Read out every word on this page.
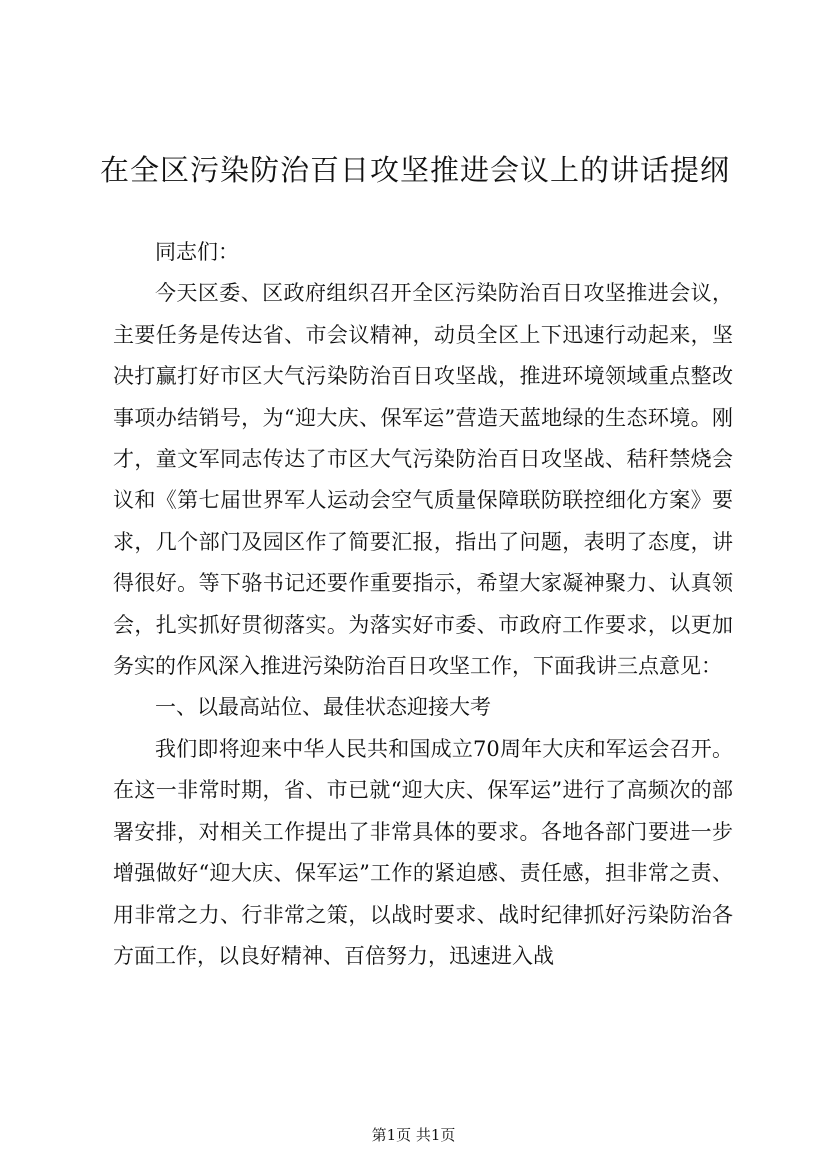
在全区污染防治百日攻坚推进会议上的讲话提纲

同志们：

今天区委、区政府组织召开全区污染防治百日攻坚推进会议，主要任务是传达省、市会议精神，动员全区上下迅速行动起来，坚决打赢打好市区大气污染防治百日攻坚战，推进环境领域重点整改事项办结销号，为“迎大庆、保军运”营造天蓝地绿的生态环境。刚才，童文军同志传达了市区大气污染防治百日攻坚战、秸秆禁烧会议和《第七届世界军人运动会空气质量保障联防联控细化方案》要求，几个部门及园区作了简要汇报，指出了问题，表明了态度，讲得很好。等下骆书记还要作重要指示，希望大家凝神聚力、认真领会，扎实抓好贯彻落实。为落实好市委、市政府工作要求，以更加务实的作风深入推进污染防治百日攻坚工作，下面我讲三点意见：

一、以最高站位、最佳状态迎接大考

我们即将迎来中华人民共和国成立70周年大庆和军运会召开。在这一非常时期，省、市已就“迎大庆、保军运”进行了高频次的部署安排，对相关工作提出了非常具体的要求。各地各部门要进一步增强做好“迎大庆、保军运”工作的紧迫感、责任感，担非常之责、用非常之力、行非常之策，以战时要求、战时纪律抓好污染防治各方面工作，以良好精神、百倍努力，迅速进入战

第1页 共1页
